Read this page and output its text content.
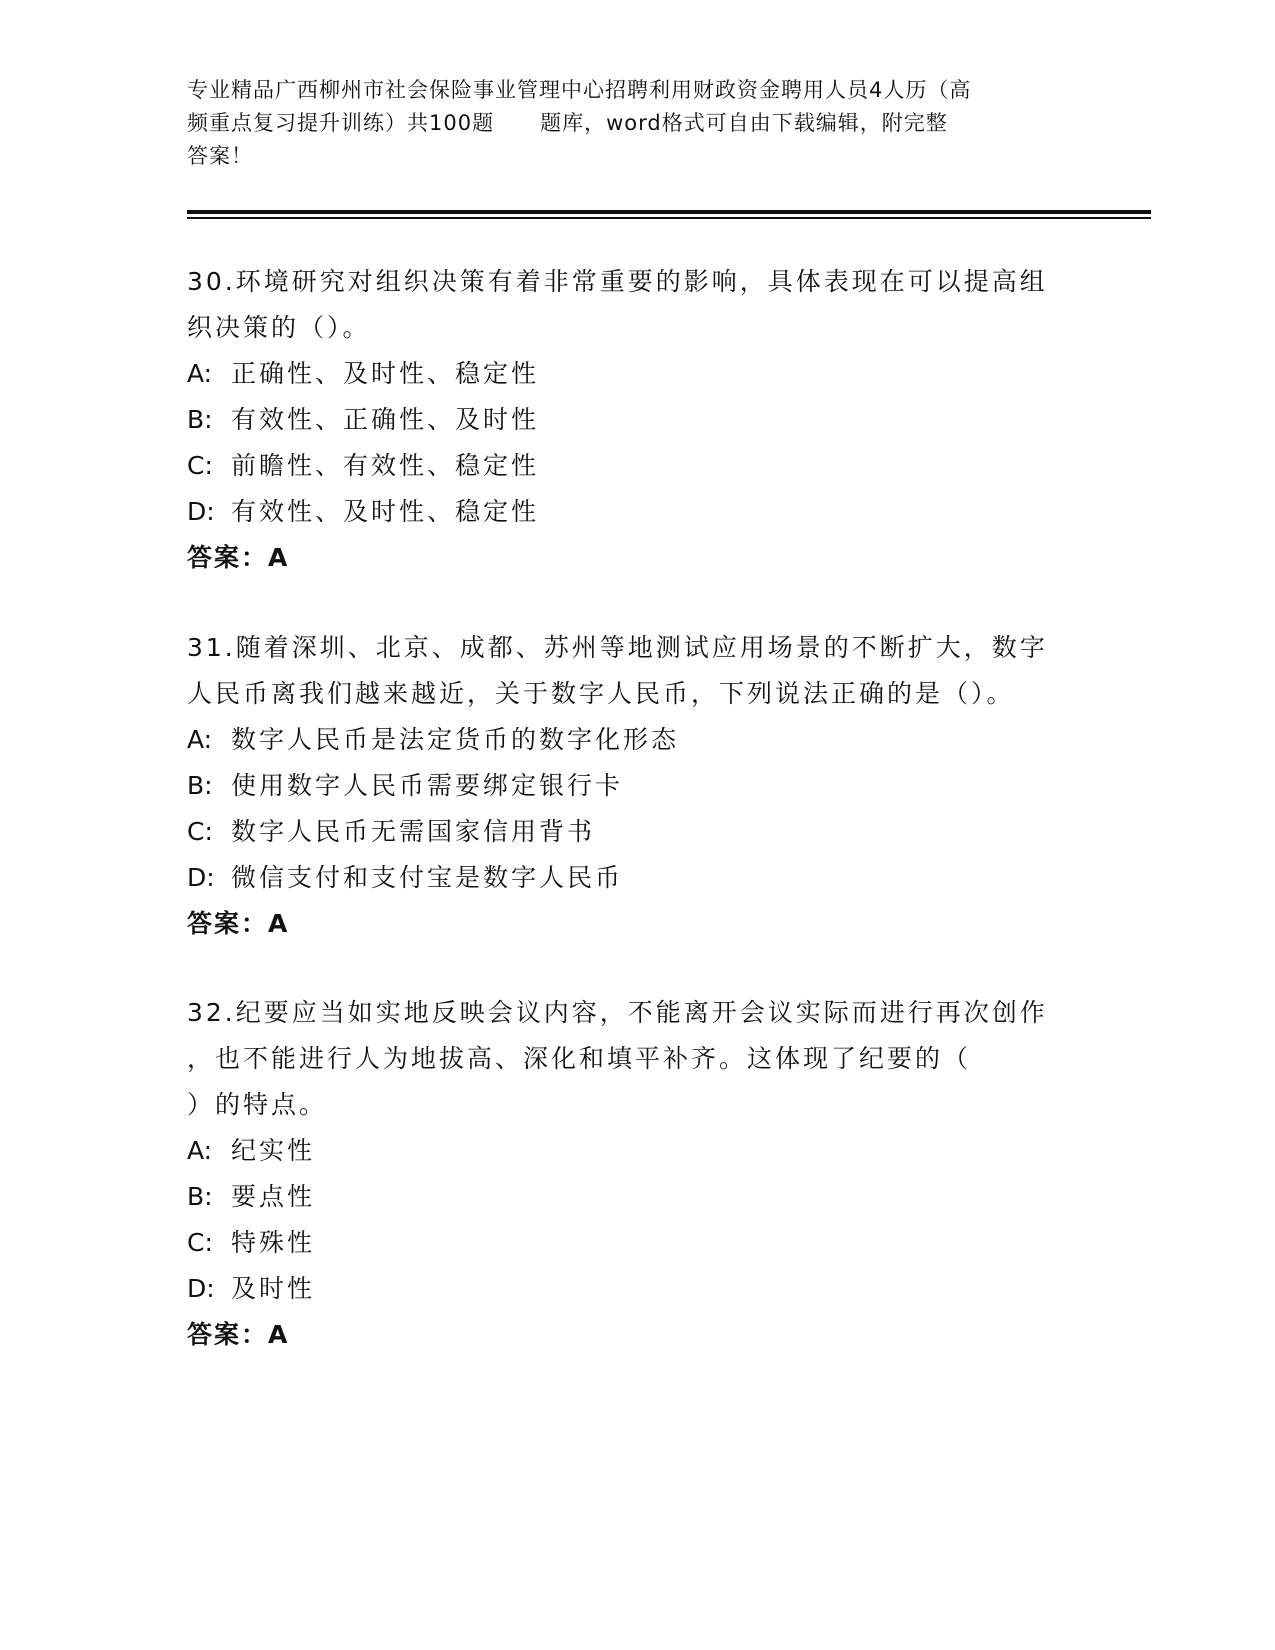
专业精品广西柳州市社会保险事业管理中心招聘利用财政资金聘用人员4人历（高
频重点复习提升训练）共100题      题库，word格式可自由下载编辑，附完整
答案！
30.环境研究对组织决策有着非常重要的影响，具体表现在可以提高组
织决策的（）。
A: 正确性、及时性、稳定性
B: 有效性、正确性、及时性
C: 前瞻性、有效性、稳定性
D: 有效性、及时性、稳定性
答案：A
31.随着深圳、北京、成都、苏州等地测试应用场景的不断扩大，数字
人民币离我们越来越近，关于数字人民币，下列说法正确的是（）。
A: 数字人民币是法定货币的数字化形态
B: 使用数字人民币需要绑定银行卡
C: 数字人民币无需国家信用背书
D: 微信支付和支付宝是数字人民币
答案：A
32.纪要应当如实地反映会议内容，不能离开会议实际而进行再次创作
，也不能进行人为地拔高、深化和填平补齐。这体现了纪要的（
）的特点。
A: 纪实性
B: 要点性
C: 特殊性
D: 及时性
答案：A
